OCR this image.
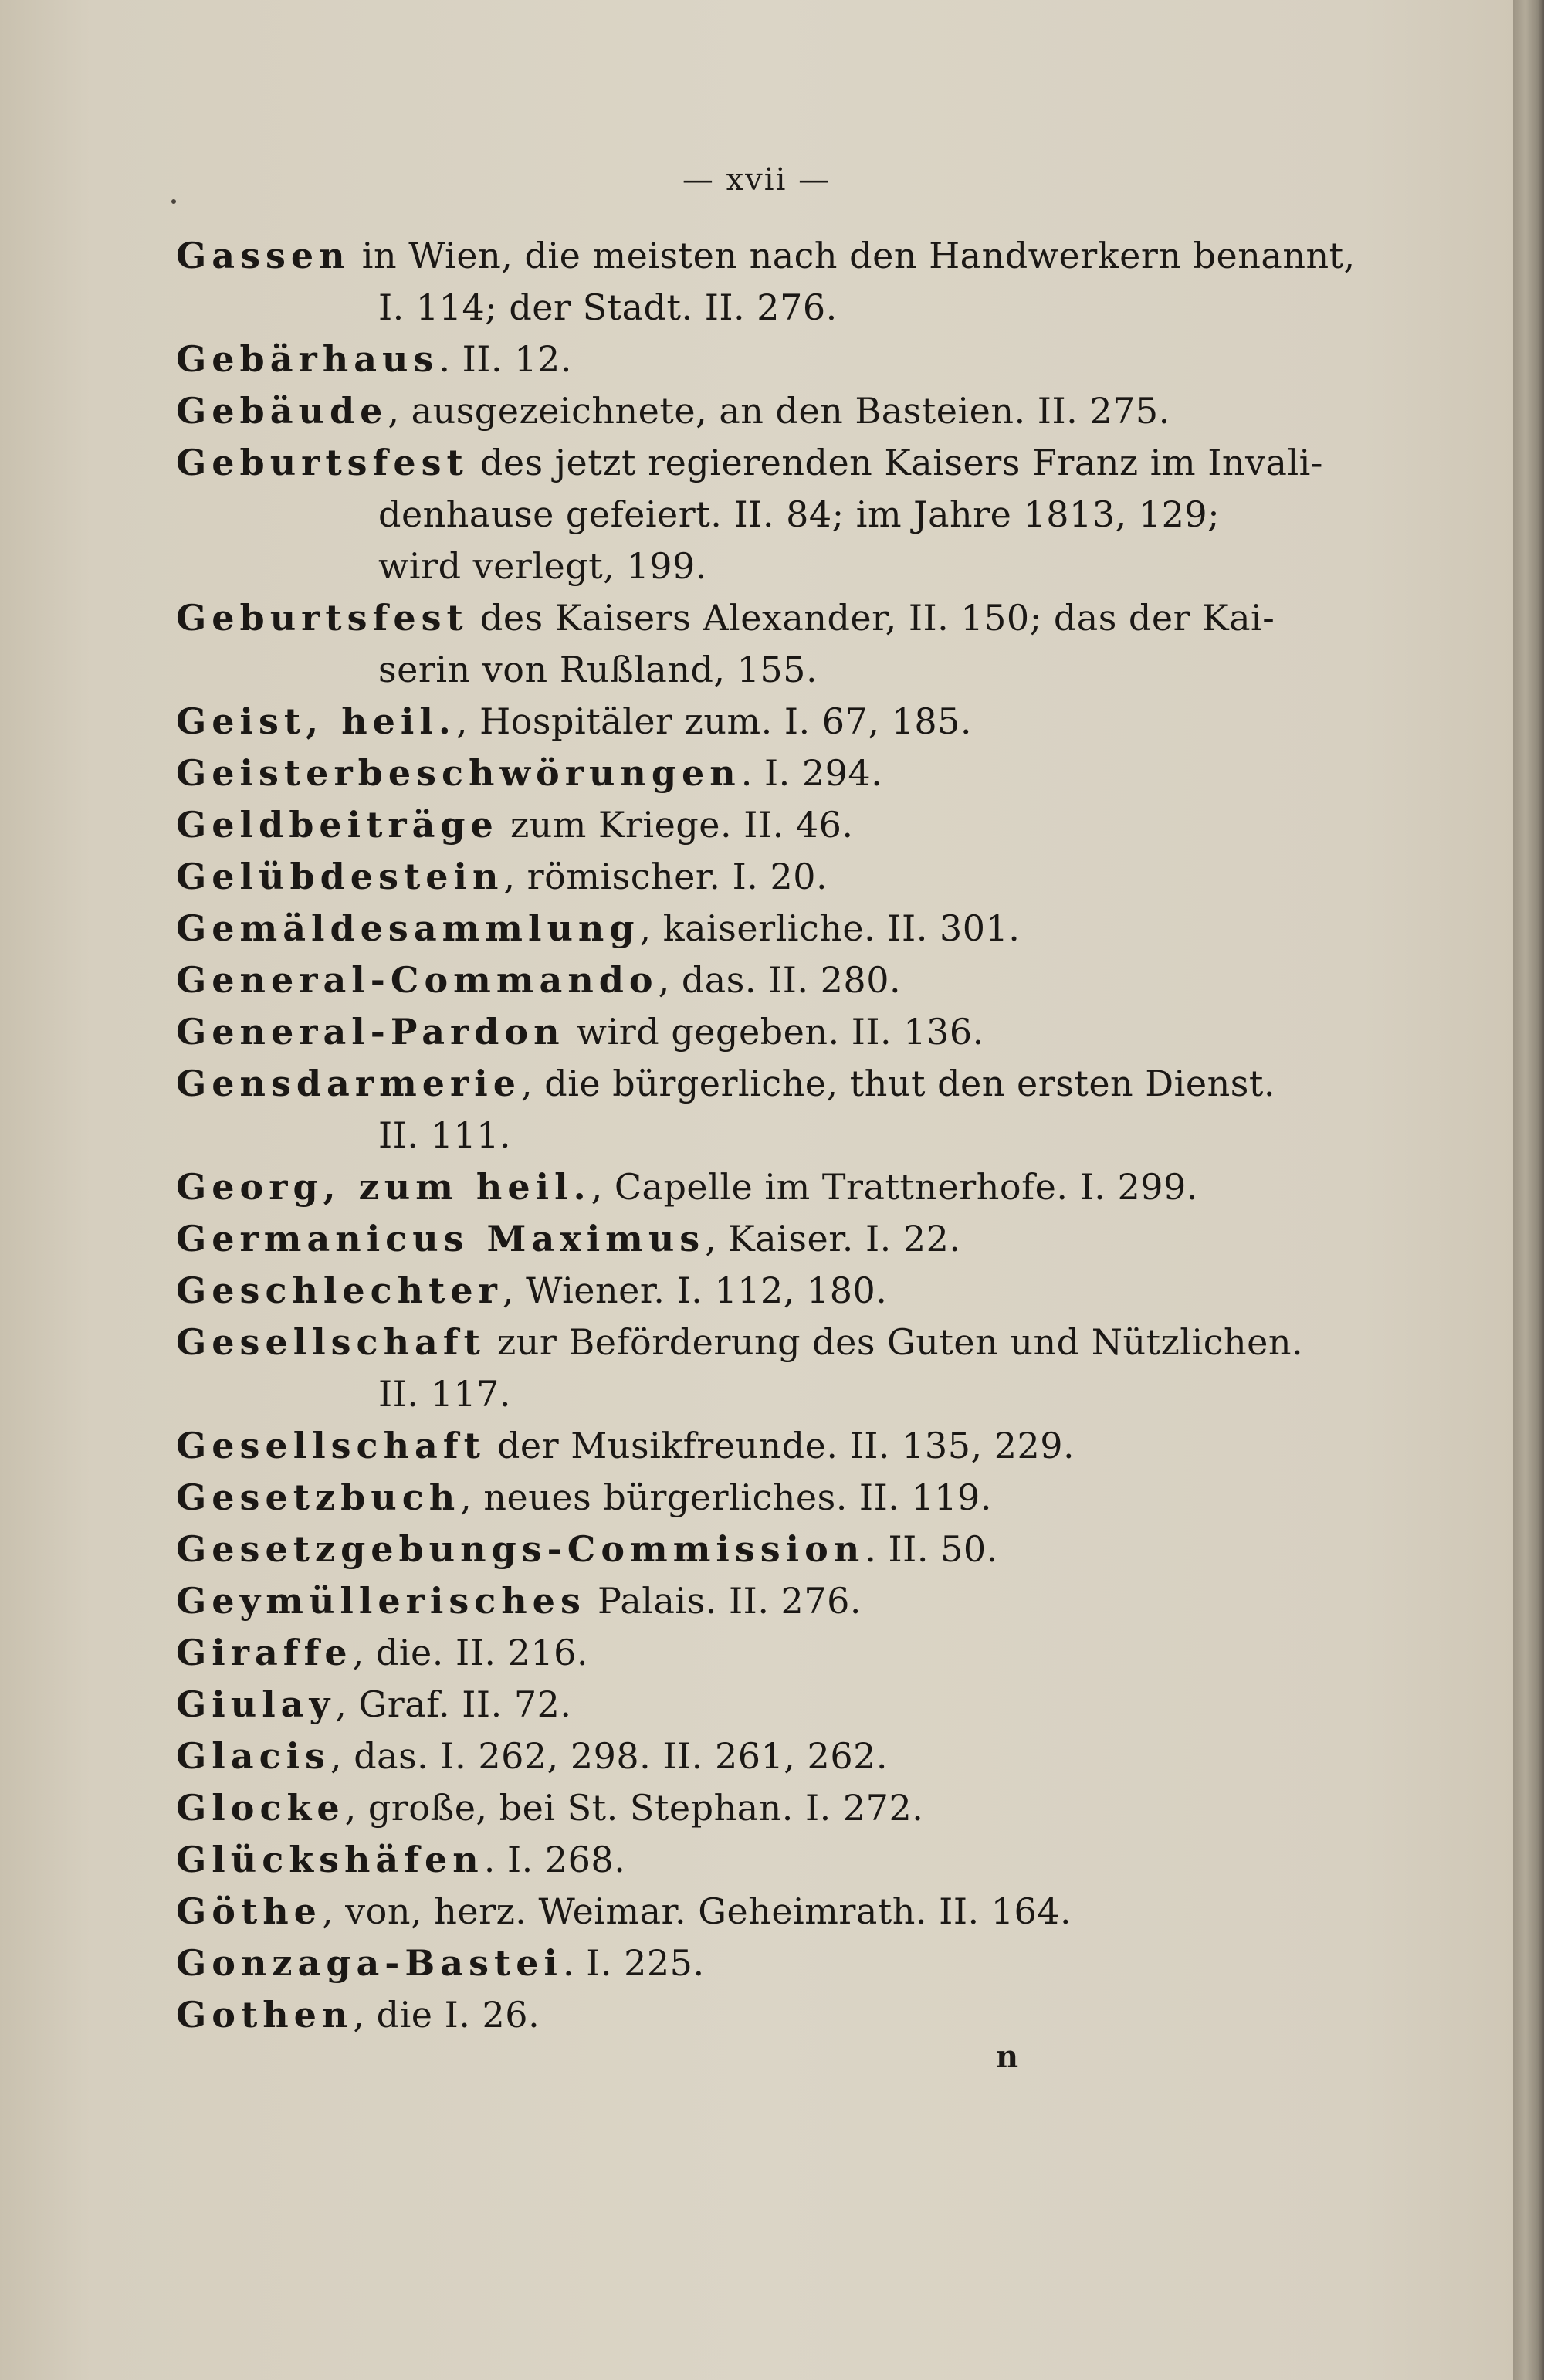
— xvii —
Gassen in Wien, die meisten nach den Handwerkern benannt,
I. 114; der Stadt. II. 276.
Gebärhaus. II. 12.
Gebäude, ausgezeichnete, an den Basteien. II. 275.
Geburtsfest des jetzt regierenden Kaisers Franz im Invali-
denhause gefeiert. II. 84; im Jahre 1813, 129;
wird verlegt, 199.
Geburtsfest des Kaisers Alexander, II. 150; das der Kai-
serin von Rußland, 155.
Geist, heil., Hospitäler zum. I. 67, 185.
Geisterbeschwörungen. I. 294.
Geldbeiträge zum Kriege. II. 46.
Gelübdestein, römischer. I. 20.
Gemäldesammlung, kaiserliche. II. 301.
General-Commando, das. II. 280.
General-Pardon wird gegeben. II. 136.
Gensdarmerie, die bürgerliche, thut den ersten Dienst.
II. 111.
Georg, zum heil., Capelle im Trattnerhofe. I. 299.
Germanicus Maximus, Kaiser. I. 22.
Geschlechter, Wiener. I. 112, 180.
Gesellschaft zur Beförderung des Guten und Nützlichen.
II. 117.
Gesellschaft der Musikfreunde. II. 135, 229.
Gesetzbuch, neues bürgerliches. II. 119.
Gesetzgebungs-Commission. II. 50.
Geymüllerisches Palais. II. 276.
Giraffe, die. II. 216.
Giulay, Graf. II. 72.
Glacis, das. I. 262, 298. II. 261, 262.
Glocke, große, bei St. Stephan. I. 272.
Glückshäfen. I. 268.
Göthe, von, herz. Weimar. Geheimrath. II. 164.
Gonzaga-Bastei. I. 225.
Gothen, die I. 26.
n
